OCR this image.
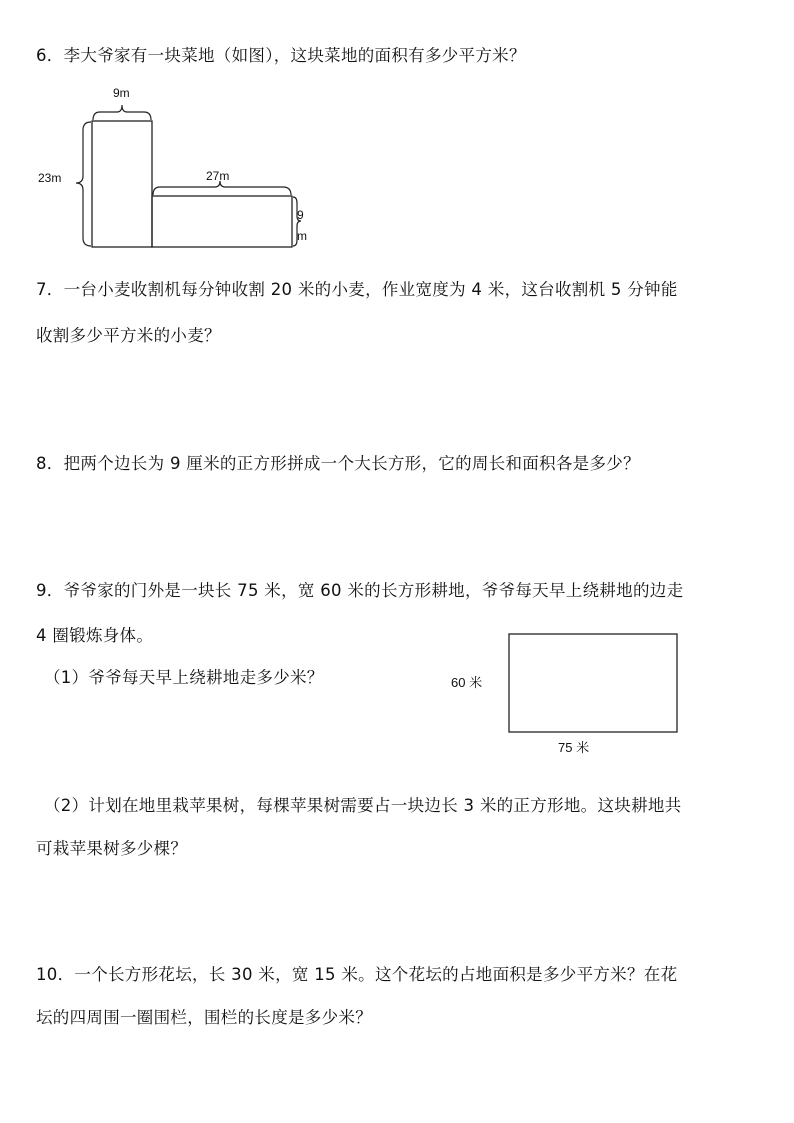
6．李大爷家有一块菜地（如图），这块菜地的面积有多少平方米？
9m
23m	27m
9
m
7．一台小麦收割机每分钟收割 20 米的小麦，作业宽度为 4 米，这台收割机 5 分钟能
收割多少平方米的小麦？
8．把两个边长为 9 厘米的正方形拼成一个大长方形，它的周长和面积各是多少？
9．爷爷家的门外是一块长 75 米，宽 60 米的长方形耕地，爷爷每天早上绕耕地的边走
4 圈锻炼身体。
（1）爷爷每天早上绕耕地走多少米？	60 米
75 米
（2）计划在地里栽苹果树，每棵苹果树需要占一块边长 3 米的正方形地。这块耕地共
可栽苹果树多少棵？
10．一个长方形花坛，长 30 米，宽 15 米。这个花坛的占地面积是多少平方米？在花
坛的四周围一圈围栏，围栏的长度是多少米？
